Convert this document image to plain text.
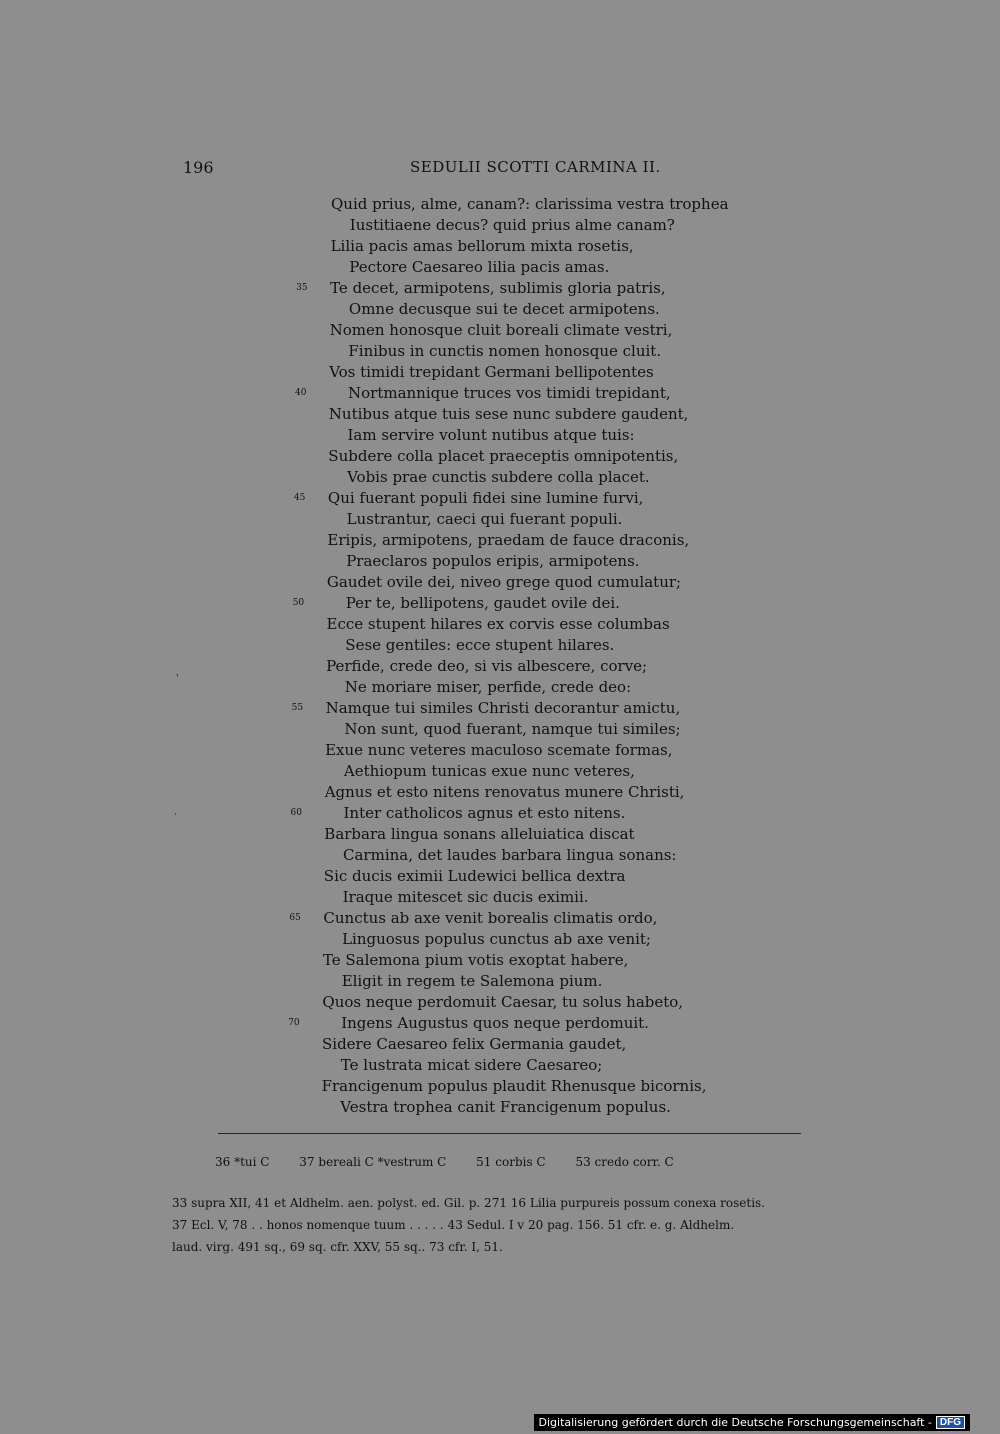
196	SEDULII SCOTTI CARMINA II.
Quid prius, alme, canam?: clarissima vestra trophea
Iustitiaene decus? quid prius alme canam?
Lilia pacis amas bellorum mixta rosetis,
Pectore Caesareo lilia pacis amas.
Te decet, armipotens, sublimis gloria patris,
35
Omne decusque sui te decet armipotens.
Nomen honosque cluit boreali climate vestri,
Finibus in cunctis nomen honosque cluit.
Vos timidi trepidant Germani bellipotentes
Nortmannique truces vos timidi trepidant,
40
Nutibus atque tuis sese nunc subdere gaudent,
Iam servire volunt nutibus atque tuis:
Subdere colla placet praeceptis omnipotentis,
Vobis prae cunctis subdere colla placet.
Qui fuerant populi fidei sine lumine furvi,
45
Lustrantur, caeci qui fuerant populi.
Eripis, armipotens, praedam de fauce draconis,
Praeclaros populos eripis, armipotens.
Gaudet ovile dei, niveo grege quod cumulatur;
Per te, bellipotens, gaudet ovile dei.
50
Ecce stupent hilares ex corvis esse columbas
Sese gentiles: ecce stupent hilares.
Perfide, crede deo, si vis albescere, corve;
Ne moriare miser, perfide, crede deo:
Namque tui similes Christi decorantur amictu,
55
Non sunt, quod fuerant, namque tui similes;
Exue nunc veteres maculoso scemate formas,
Aethiopum tunicas exue nunc veteres,
Agnus et esto nitens renovatus munere Christi,
Inter catholicos agnus et esto nitens.
60
Barbara lingua sonans alleluiatica discat
Carmina, det laudes barbara lingua sonans:
Sic ducis eximii Ludewici bellica dextra
Iraque mitescet sic ducis eximii.
Cunctus ab axe venit borealis climatis ordo,
65
Linguosus populus cunctus ab axe venit;
Te Salemona pium votis exoptat habere,
Eligit in regem te Salemona pium.
Quos neque perdomuit Caesar, tu solus habeto,
Ingens Augustus quos neque perdomuit.
70
Sidere Caesareo felix Germania gaudet,
Te lustrata micat sidere Caesareo;
Francigenum populus plaudit Rhenusque bicornis,
Vestra trophea canit Francigenum populus.
'
·
36 *tui C 37 bereali C *vestrum C 51 corbis C 53 credo corr. C
33 supra XII, 41 et Aldhelm. aen. polyst. ed. Gil. p. 271 16 Lilia purpureis possum conexa rosetis.
37 Ecl. V, 78 . . honos nomenque tuum . . . . . 43 Sedul. I v 20 pag. 156. 51 cfr. e. g. Aldhelm.
laud. virg. 491 sq., 69 sq. cfr. XXV, 55 sq.. 73 cfr. I, 51.
Digitalisierung gefördert durch die Deutsche Forschungsgemeinschaft - DFG
